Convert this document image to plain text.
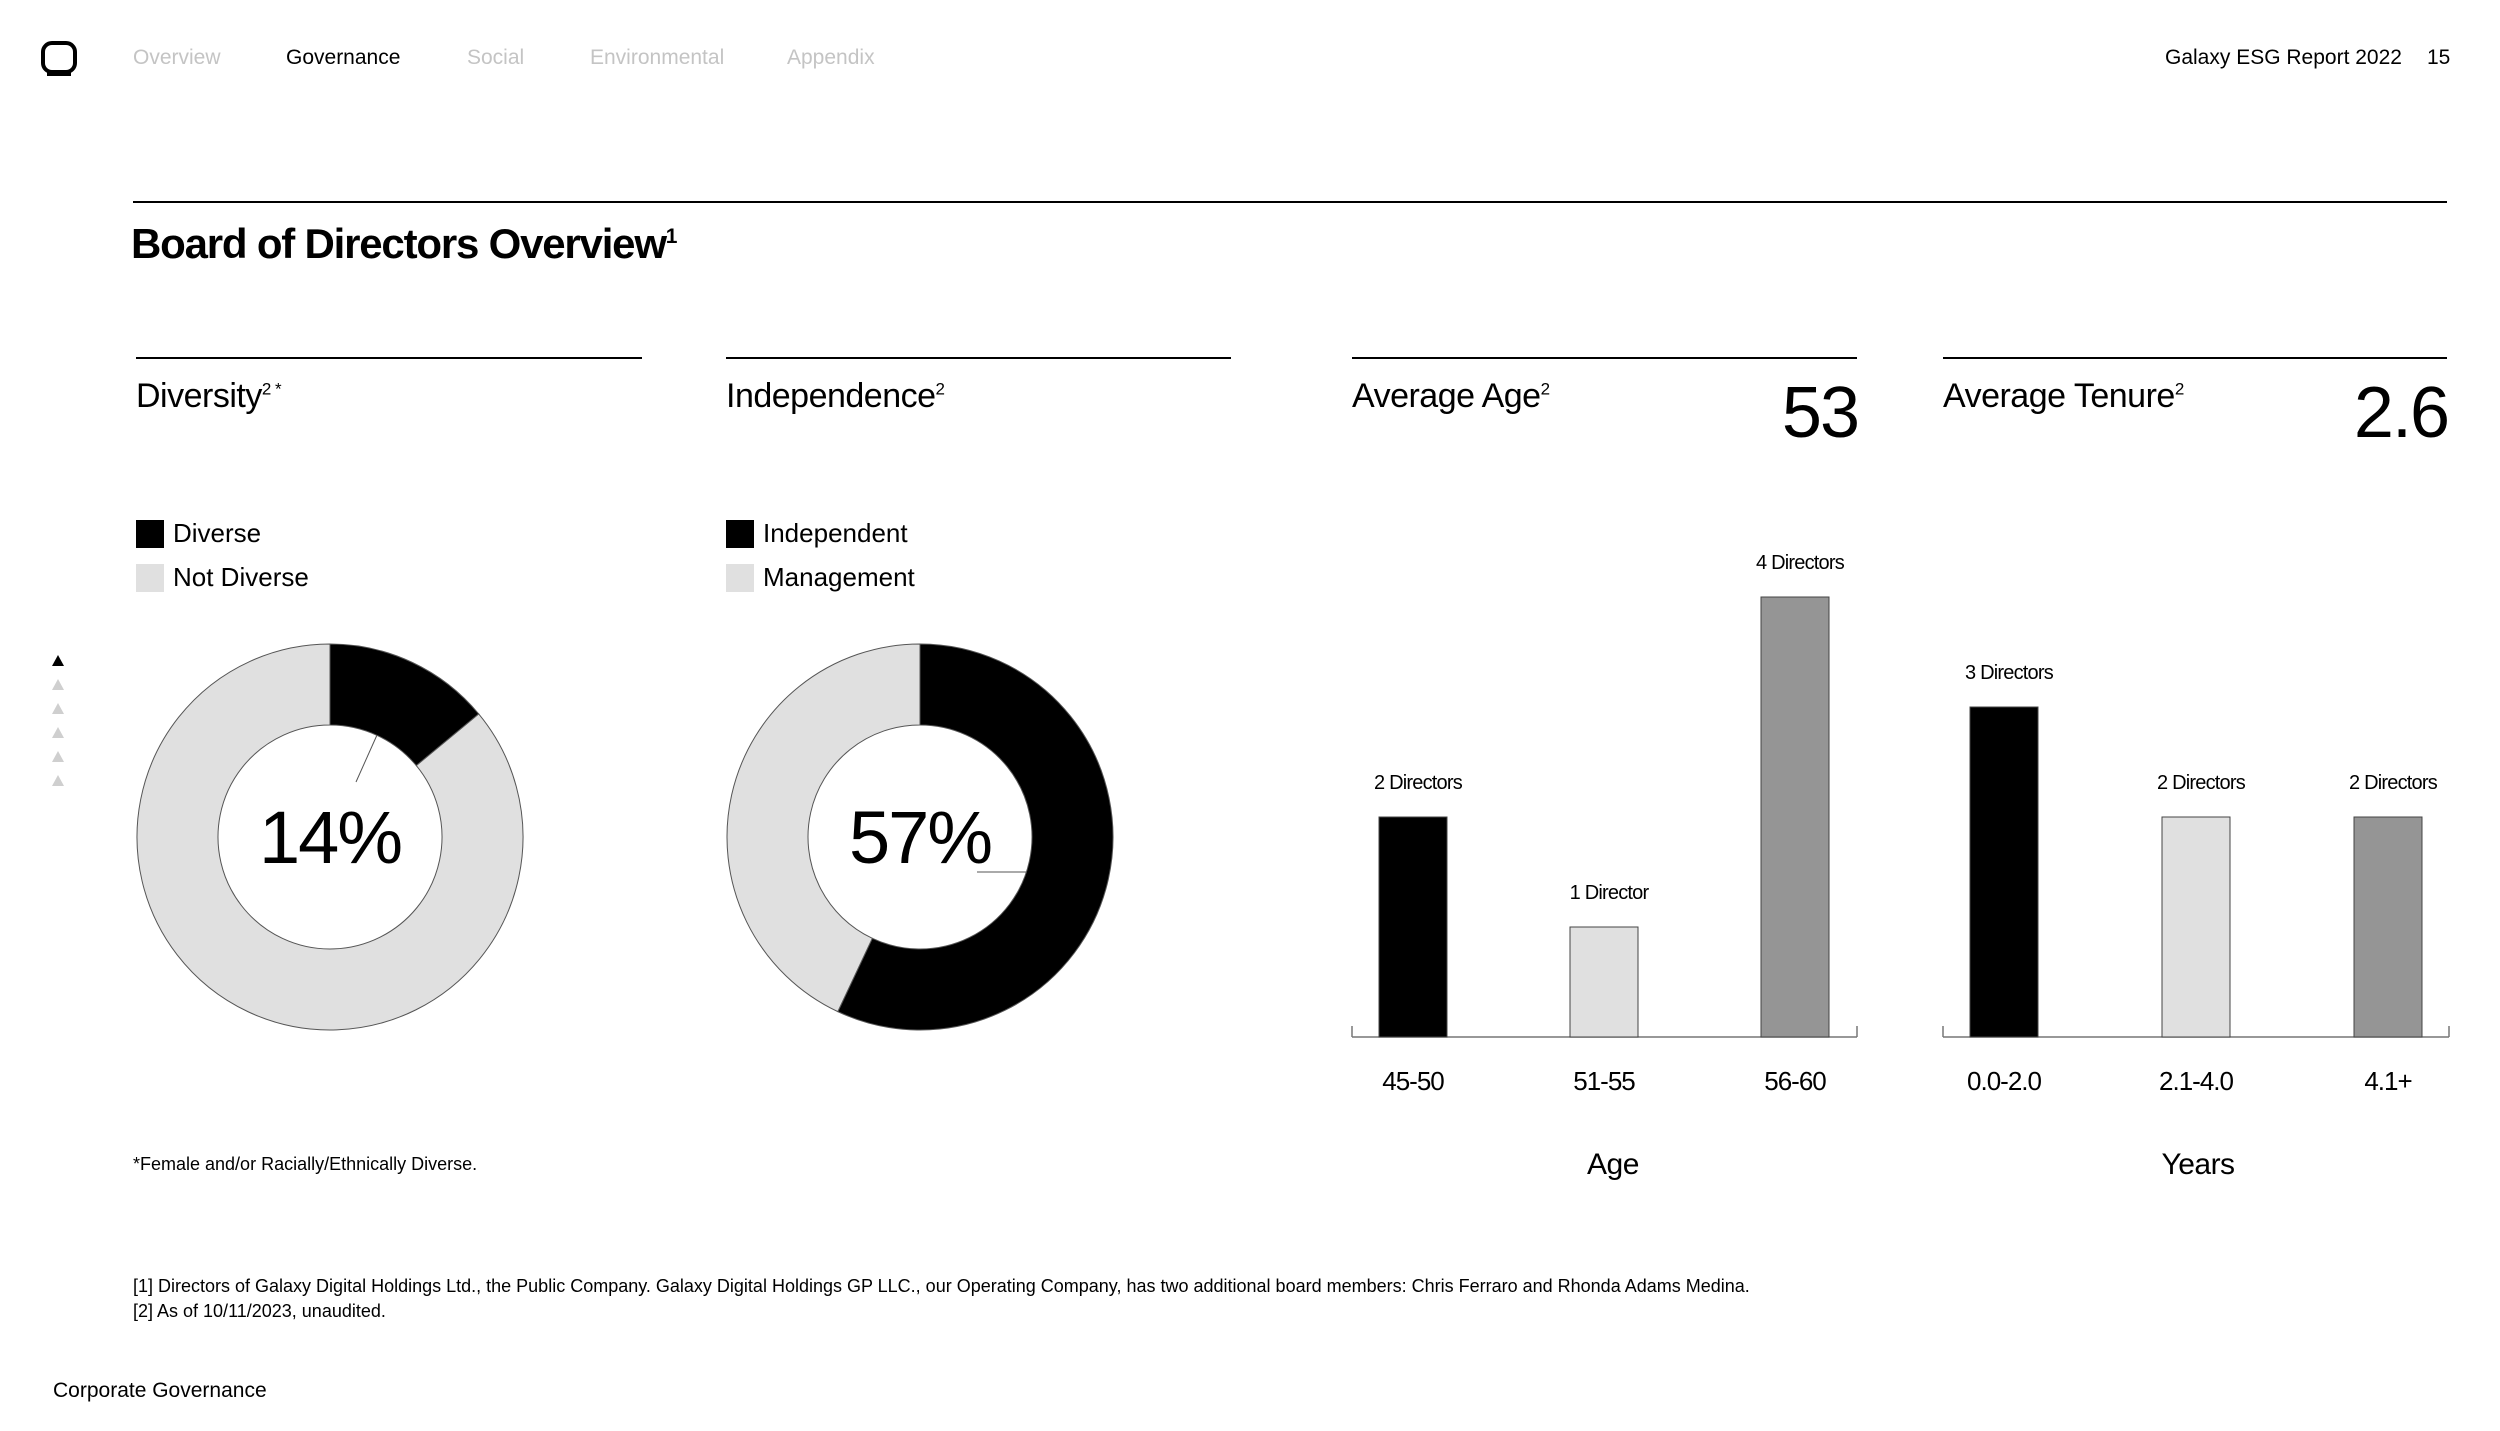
Overview	Governance	Social	Environmental	Appendix	Galaxy ESG Report 2022 15
Board of Directors Overview$^1$
Diversity$^{2 *}$	Independence$^2$	Average Age$^2$	Average Tenure$^2$
53	2.6
Diverse
Not Diverse
Independent
Management
14%	57%
2 Directors
45-50
1 Director
51-55
4 Directors
56-60
Age
3 Directors
0.0-2.0
2 Directors
2.1-4.0
2 Directors
4.1+
Years
*Female and/or Racially/Ethnically Diverse.
[1] Directors of Galaxy Digital Holdings Ltd., the Public Company. Galaxy Digital Holdings GP LLC., our Operating Company, has two additional board members: Chris Ferraro and Rhonda Adams Medina.
[2] As of 10/11/2023, unaudited.
Corporate Governance
